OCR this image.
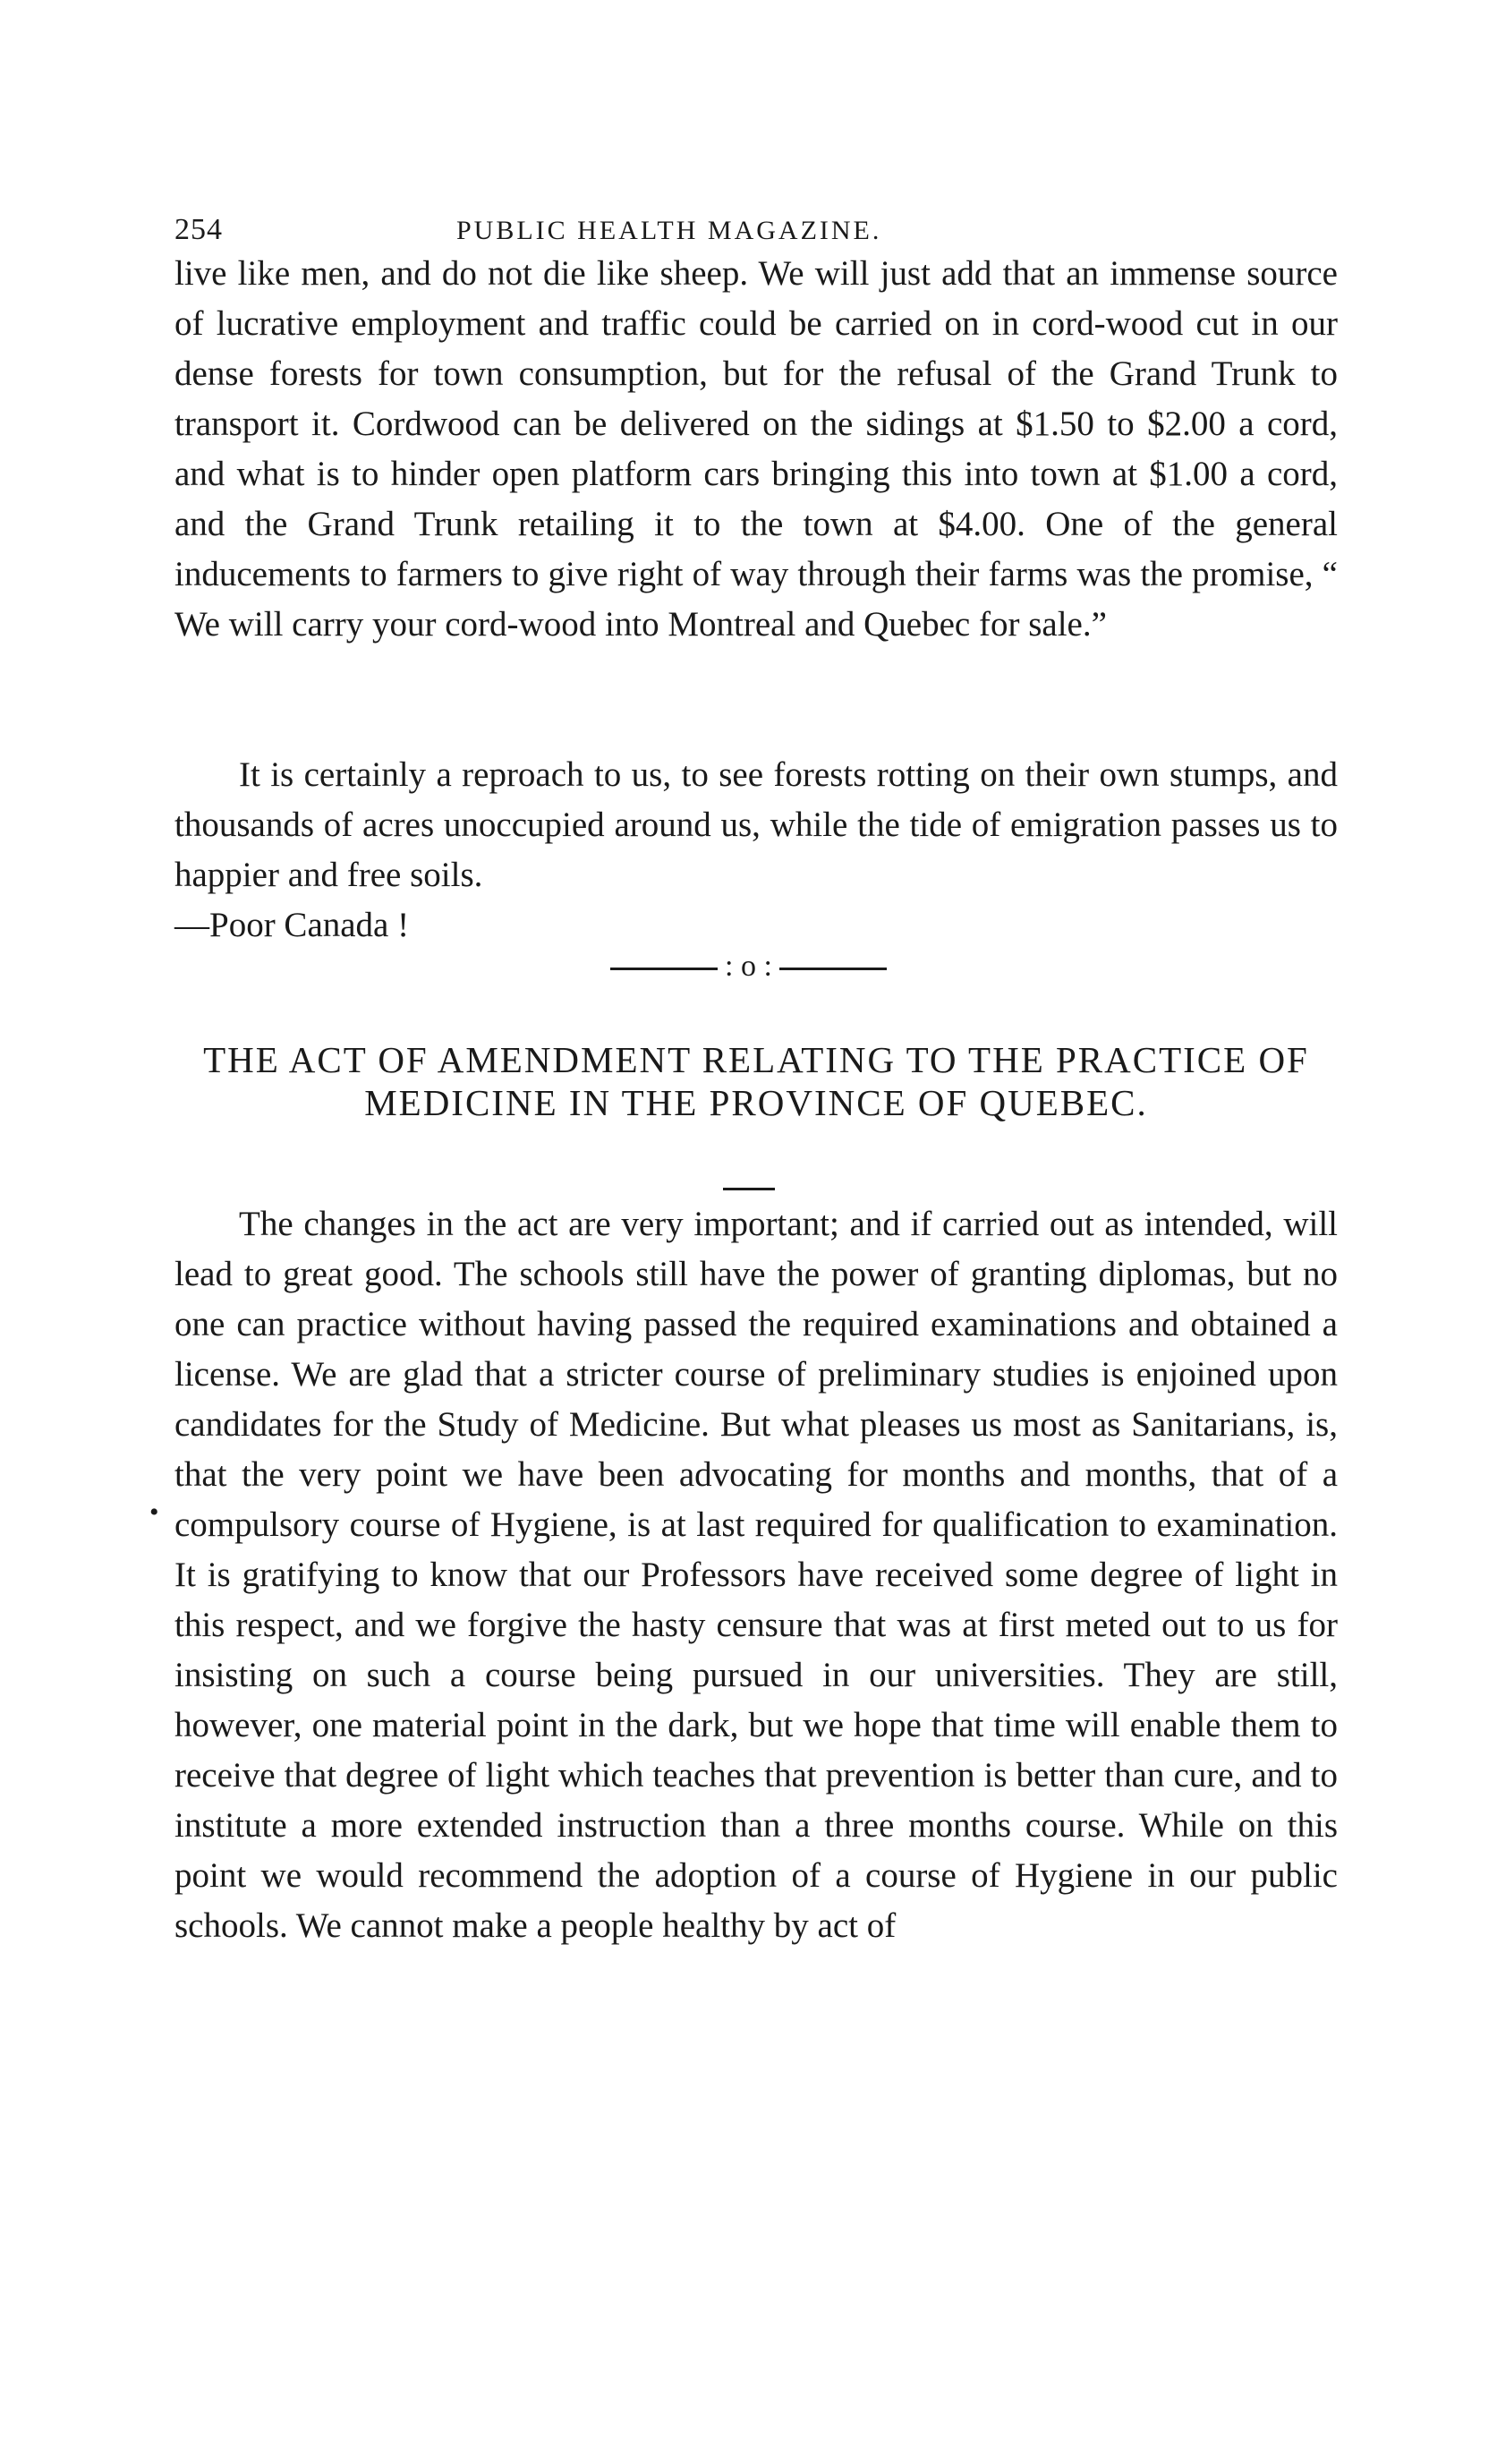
254	PUBLIC HEALTH MAGAZINE.

live like men, and do not die like sheep. We will just add that an immense source of lucrative employment and traffic could be carried on in cord-wood cut in our dense forests for town consumption, but for the refusal of the Grand Trunk to transport it. Cordwood can be delivered on the sidings at $1.50 to $2.00 a cord, and what is to hinder open platform cars bringing this into town at $1.00 a cord, and the Grand Trunk retailing it to the town at $4.00. One of the general inducements to farmers to give right of way through their farms was the promise, “ We will carry your cord-wood into Montreal and Quebec for sale.”

It is certainly a reproach to us, to see forests rotting on their own stumps, and thousands of acres unoccupied around us, while the tide of emigration passes us to happier and free soils.

—Poor Canada !

: o :
THE ACT OF AMENDMENT RELATING TO THE PRACTICE OF MEDICINE IN THE PROVINCE OF QUEBEC.
•

The changes in the act are very important; and if carried out as intended, will lead to great good. The schools still have the power of granting diplomas, but no one can practice without having passed the required examinations and obtained a license. We are glad that a stricter course of preliminary studies is enjoined upon candidates for the Study of Medicine. But what pleases us most as Sanitarians, is, that the very point we have been advocating for months and months, that of a compulsory course of Hygiene, is at last required for qualification to examination. It is gratifying to know that our Professors have received some degree of light in this respect, and we forgive the hasty censure that was at first meted out to us for insisting on such a course being pursued in our universities. They are still, however, one material point in the dark, but we hope that time will enable them to receive that degree of light which teaches that prevention is better than cure, and to institute a more extended instruction than a three months course. While on this point we would recommend the adoption of a course of Hygiene in our public schools. We cannot make a people healthy by act of
